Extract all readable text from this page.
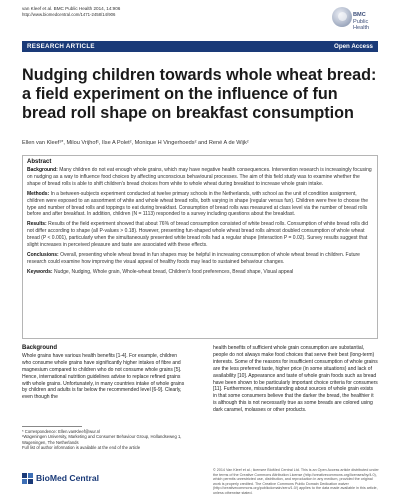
van Kleef et al. BMC Public Health 2014, 14:906
http://www.biomedcentral.com/1471-2458/14/906	BMC
Public Health
RESEARCH ARTICLE	Open Access
Nudging children towards whole wheat bread: a field experiment on the influence of fun bread roll shape on breakfast consumption
Ellen van Kleef¹*, Milou Vrijhof¹, Ilse A Polet², Monique H Vingerhoeds² and René A de Wijk²
Abstract

Background: Many children do not eat enough whole grains, which may have negative health consequences. Intervention research is increasingly focusing on nudging as a way to influence food choices by affecting unconscious behavioural processes. The aim of this field study was to examine whether the shape of bread rolls is able to shift children's bread choices from white to whole wheat during breakfast to increase whole grain intake.

Methods: In a between-subjects experiment conducted at twelve primary schools in the Netherlands, with school as the unit of condition assignment, children were exposed to an assortment of white and whole wheat bread rolls, both varying in shape (regular versus fun). Children were free to choose the type and number of bread rolls and toppings to eat during breakfast. Consumption of bread rolls was measured at class level via the number of bread rolls before and after breakfast. In addition, children (N = 1113) responded to a survey including questions about the breakfast.

Results: Results of the field experiment showed that about 76% of bread consumption consisted of white bread rolls. Consumption of white bread rolls did not differ according to shape (all P-values > 0.18). However, presenting fun-shaped whole wheat bread rolls almost doubled consumption of whole wheat bread (P < 0.001), particularly when the simultaneously presented white bread rolls had a regular shape (interaction P = 0.02). Survey results suggest that slight increases in perceived pleasure and taste are associated with these effects.

Conclusions: Overall, presenting whole wheat bread in fun shapes may be helpful in increasing consumption of whole wheat bread in children. Future research could examine how improving the visual appeal of healthy foods may lead to sustained behaviour changes.

Keywords: Nudge, Nudging, Whole grain, Whole-wheat bread, Children's food preferences, Bread shape, Visual appeal

Background
Whole grains have various health benefits [1-4]. For example, children who consume whole grains have significantly higher intakes of fibre and magnesium compared to children who do not consume whole grains [5]. Hence, international nutrition guidelines advise to replace refined grains with whole grains. Unfortunately, in many countries intake of whole grains by children and adults is far below the recommended level [6-9]. Clearly, even though the
health benefits of sufficient whole grain consumption are substantial, people do not always make food choices that serve their best (long-term) interests. Some of the reasons for insufficient consumption of whole grains are the less preferred taste, higher price (in some situations) and lack of availability [10]. Appearance and taste of whole grain foods such as bread have been shown to be particularly important choice criteria for consumers [11]. Furthermore, misunderstanding about sources of whole grain exists in that some consumers believe that the darker the bread, the healthier it is although this is not necessarily true as some breads are colored using dark caramel, molasses or other products.
* Correspondence: Ellen.vanKleef@wur.nl
¹Wageningen University, Marketing and Consumer Behaviour Group, Hollandseweg 1, Wageningen, The Netherlands
Full list of author information is available at the end of the article
BioMed Central
© 2014 Van Kleef et al.; licensee BioMed Central Ltd. This is an Open Access article distributed under the terms of the Creative Commons Attribution License (http://creativecommons.org/licenses/by/4.0), which permits unrestricted use, distribution, and reproduction in any medium, provided the original work is properly credited. The Creative Commons Public Domain Dedication waiver (http://creativecommons.org/publicdomain/zero/1.0/) applies to the data made available in this article, unless otherwise stated.
